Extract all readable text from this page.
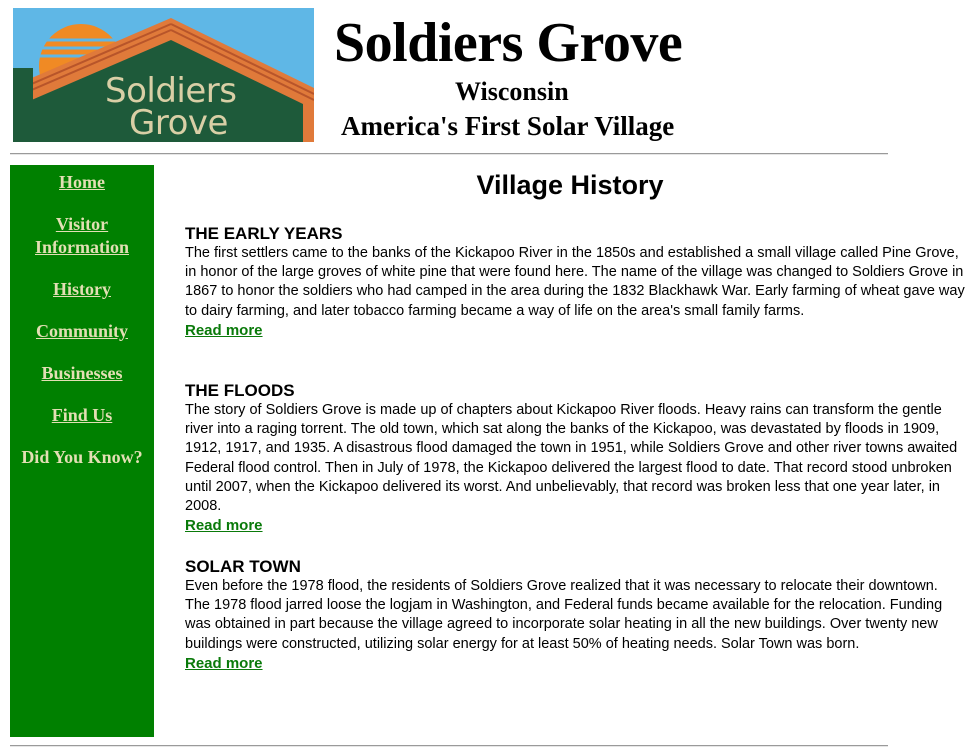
Soldiers
Grove
Soldiers Grove
Wisconsin
America's First Solar Village
Home
Visitor
Information
History
Community
Businesses
Find Us
Did You Know?
Village History
THE EARLY YEARS

The first settlers came to the banks of the Kickapoo River in the 1850s and established a small village called Pine Grove, in honor of the large groves of white pine that were found here. The name of the village was changed to Soldiers Grove in 1867 to honor the soldiers who had camped in the area during the 1832 Blackhawk War. Early farming of wheat gave way to dairy farming, and later tobacco farming became a way of life on the area's small family farms.

Read more
THE FLOODS

The story of Soldiers Grove is made up of chapters about Kickapoo River floods. Heavy rains can transform the gentle river into a raging torrent. The old town, which sat along the banks of the Kickapoo, was devastated by floods in 1909, 1912, 1917, and 1935. A disastrous flood damaged the town in 1951, while Soldiers Grove and other river towns awaited Federal flood control. Then in July of 1978, the Kickapoo delivered the largest flood to date. That record stood unbroken until 2007, when the Kickapoo delivered its worst. And unbelievably, that record was broken less that one year later, in 2008.

Read more
SOLAR TOWN

Even before the 1978 flood, the residents of Soldiers Grove realized that it was necessary to relocate their downtown. The 1978 flood jarred loose the logjam in Washington, and Federal funds became available for the relocation. Funding was obtained in part because the village agreed to incorporate solar heating in all the new buildings. Over twenty new buildings were constructed, utilizing solar energy for at least 50% of heating needs. Solar Town was born.

Read more
